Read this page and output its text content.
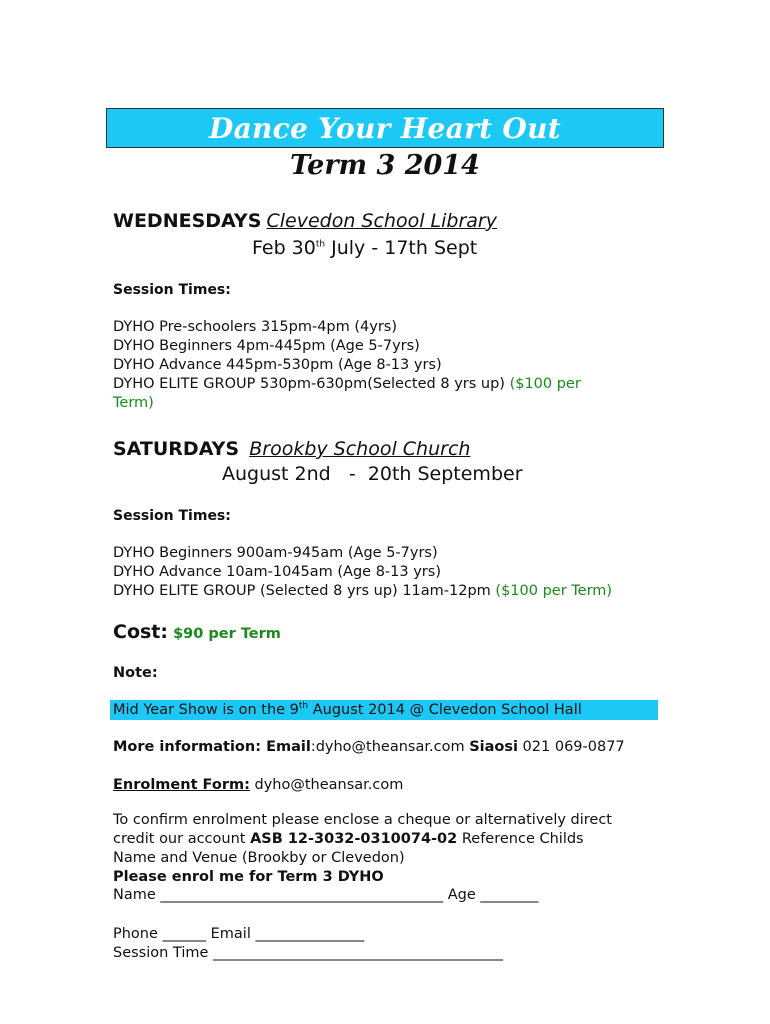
Dance Your Heart Out
Term 3 2014
WEDNESDAYS Clevedon School Library
Feb 30th July - 17th Sept
Session Times:
DYHO Pre-schoolers 315pm-4pm (4yrs)
DYHO Beginners 4pm-445pm (Age 5-7yrs)
DYHO Advance 445pm-530pm (Age 8-13 yrs)
DYHO ELITE GROUP 530pm-630pm(Selected 8 yrs up) ($100 per
Term)
SATURDAYS Brookby School Church
August 2nd   -  20th September
Session Times:
DYHO Beginners 900am-945am (Age 5-7yrs)
DYHO Advance 10am-1045am (Age 8-13 yrs)
DYHO ELITE GROUP (Selected 8 yrs up) 11am-12pm ($100 per Term)
Cost: $90 per Term
Note:
Mid Year Show is on the 9th August 2014 @ Clevedon School Hall
More information: Email:dyho@theansar.com Siaosi 021 069-0877
Enrolment Form: dyho@theansar.com
To confirm enrolment please enclose a cheque or alternatively direct
credit our account ASB 12-3032-0310074-02 Reference Childs
Name and Venue (Brookby or Clevedon)
Please enrol me for Term 3 DYHO
Name _______________________________________ Age ________
Phone ______ Email _______________
Session Time ________________________________________
